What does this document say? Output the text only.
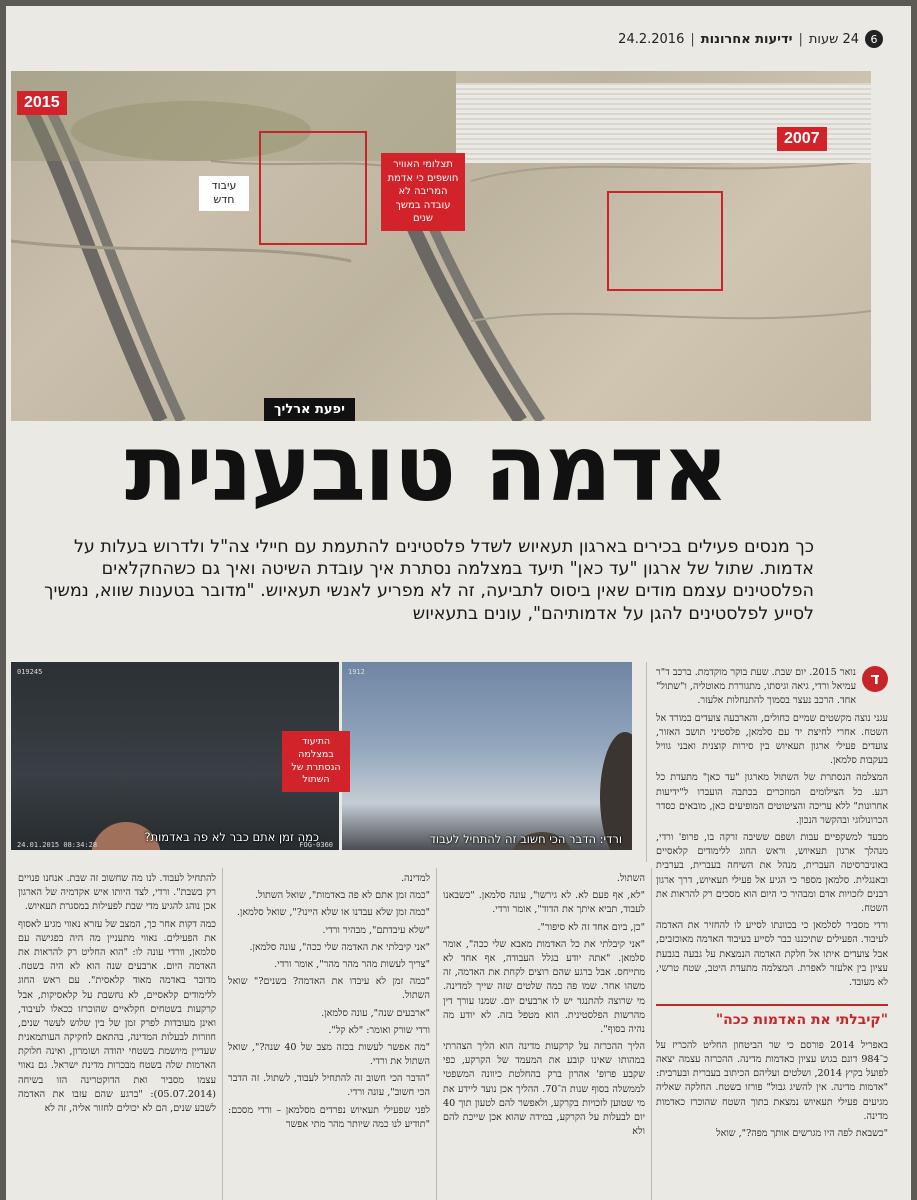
6
24 שעות
|
ידיעות אחרונות
|
24.2.2016
2015
2007
עיבוד חדש
תצלומי האוויר חושפים כי אדמת המריבה לא עובדה במשך שנים
יפעת ארליך
אדמה טובענית
כך מנסים פעילים בכירים בארגון תעאיוש לשדל פלסטינים להתעמת עם חיילי צה"ל ולדרוש בעלות על אדמות. שתול של ארגון "עד כאן" תיעד במצלמה נסתרת איך עובדת השיטה ואיך גם כשהחקלאים הפלסטינים עצמם מודים שאין ביסוס לתביעה, זה לא מפריע לאנשי תעאיוש. "מדובר בטענות שווא, נמשיך לסייע לפלסטינים להגן על אדמותיהם", עונים בתעאיוש
019245
כמה זמן אתם כבר לא פה באדמות?
24.01.2015 08:34:28	FOG-0360
1912
ורדי: הדבר הכי חשוב זה להתחיל לעבוד
התיעוד במצלמה הנסתרת של השתול
ד

נואר 2015. יום שבת. שעת בוקר מוקדמת. ברכב ד"ר עמיאל ורדי, גיאה וגיסתו, מתגוררת מאוטליה, ו"שתול" אחד. הרכב נעצר בסמוך להתנחלות אלעזר.

עגני נוצה מקשטים שמיים כחולים, והארבעה צועדים במורד אל השטח. אחרי לחיצת יד עם סלמאן, פלסטיני תושב האזור, צועדים פעילי ארגון תעאיוש בין סירות קוצנית ואבני גוויל בעקבות סלמאן.

המצלמה הנסתרת של השתול מארגון "עד כאן" מתעדת כל רגע. כל הצילומים המוזכרים בכתבה הועברו ל"ידיעות אחרונות" ללא עריכה והציטוטים המופיעים כאן, מובאים כסדר הכרונולוגי ובהקשר הנכון.

מבעד למשקפיים עבות ושפם ששיבה זרקה בו, פרופ' ורדי, מנהלך ארגון תעאיוש, וראש החוג ללימודים קלאסיים באוניברסיטה העברית, מנהל את השיחה בעברית, בערבית ובאנגלית. סלמאן מספר כי הגיע אל פעילי תעאיוש, דרך ארגון רבנים לזכויות אדם ומבהיר כי היום הוא מסכים רק להראות את השטח.

ורדי מסביר לסלמאן כי בכוונתו לסייע לו להחזיר את האדמה לעיבוד. הפעילים שתיכננו כבר לסייע בעיבוד האדמה מאוכזבים, אבל צועדים איתו אל חלקת האדמה הנמצאת על גבעה בגבעת עציון בין אלעזר לאפרת. המצלמה מתעדת היטב, שטח טרשי, לא מעובד.

"קיבלתי את האדמות ככה"

באפריל 2014 פורסם כי שר הביטחון החליט להכריז על כ־984 דונם בגוש עציון כאדמות מדינה. ההכרזה עצמה יצאה לפועל בקיץ 2014, ושלטים ועליהם הכיתוב בעברית ובערבית: "אדמות מדינה. אין להשיג גבול" פורזו בשטח. החלקה שאליה מגיעים פעילי תעאיוש נמצאת בתוך השטח שהוכרז כאדמות מדינה.

"כשבאת לפה היו מגרשים אותך מפה?", שואל

השתול.

"לא, אף פעם לא. לא גירשו", עונה סלמאן. "כשבאנו לעבוד, תביא איתך את הדוד", אומר ורדי.

"כן, ביום אחד זה לא סיפור".

"אני קיבלתי את כל האדמות מאבא שלי ככה", אומר סלמאן. "אתה יודע בגלל העבודה, אף אחד לא מתייחס. אבל ברגע שהם רוצים לקחת את האדמה, זה משהו אחר. שמו פה כמה שלטים שזה שייך למדינה. מי שרוצה להתנגד יש לו ארבעים יום. שמנו עורך דין מהרשות הפלסטינית. הוא מטפל בזה. לא יודע מה נהיה בסוף".

הליך ההכרזה על קרקעות מדינה הוא הליך הצהרתי במהותו שאינו קובע את המעמד של הקרקע, כפי שקבע פרופ' אהרון ברק בהחלטת כיוונה המשפטי לממשלה בסוף שנות ה־70. ההליך אכן נועד ליידע את מי שטוען לזכויות בקרקע, ולאפשר להם לטעון תוך 40 יום לבעלות על הקרקע, במידה שהוא אכן שייכת להם ולא

למדינה.

"כמה זמן אתם לא פה באדמות", שואל השתול.

"כמה זמן שלא עבדנו או שלא היינו?", שואל סלמאן.

"שלא עיבדתם", מבהיר ורדי.

"אני קיבלתי את האדמה שלי ככה", עונה סלמאן.

"צריך לעשות מהר מהר מהר", אומר ורדי.

"כמה זמן לא עיבדו את האדמה? בשנים?" שואל השתול.

"ארבעים שנה", עונה סלמאן.

ורדי שורק ואומר: "לא קל".

"מה אפשר לעשות בכזה מצב של 40 שנה?", שואל השתול את ורדי.

"הדבר הכי חשוב זה להתחיל לעבוד, לשתול. זה הדבר הכי חשוב", עונה ורדי.

לפני שפעילי תעאיוש נפרדים מסלמאן – ורדי מסכם: "תודיע לנו כמה שיותר מהר מתי אפשר

להתחיל לעבוד. לנו מה שחשוב זה שבת. אנחנו פנויים רק בשבת". ורדי, לצד היותו איש אקדמיה של הארגון אכן נוהג להגיע מדי שבת לפעילות במסגרת תעאיוש.

כמה דקות אחר כך, המצב של עזרא נאווי מגיע לאסוף את הפעילים. נאווי מתעניין מה היה בפגישה עם סלמאן, וורדי עונה לו: "הוא החליט רק להראות את האדמה היום. ארבעים שנה הוא לא היה בשטח. מדובר באדמה מאוד קלאסית". עם ראש החוג ללימודים קלאסיים, לא נחשבת על קלאסיקות, אבל קרקעות בשטחים חקלאיים שהוכרזו ככאלו לעיבוד, ואינן מעובדות לפרק זמן של בין שלוש לעשר שנים, חוזרות לבעלות המדינה, בהתאם לחקיקה העותמאנית שעדיין מיושמת בשטחי יהודה ושומרון, ואינה חלוקת האדמות שלה בשטח מבכרות מדינת ישראל. גם נאווי עצמו מסביר ואת הדוקטרינה הזו בשיחה (05.07.2014): "ברגע שהם עזבו את האדמה לשבע שנים, הם לא יכולים לחזור אליה, זה לא
